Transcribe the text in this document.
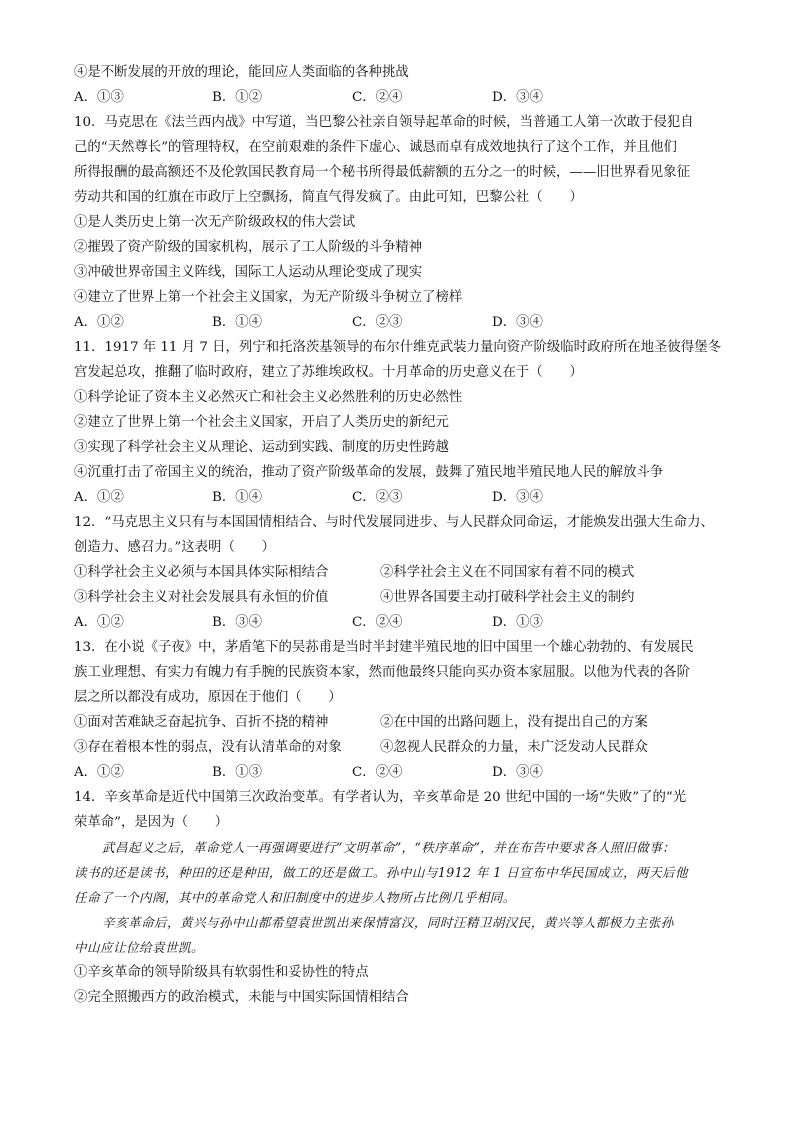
④是不断发展的开放的理论，能回应人类面临的各种挑战
A．①③	B．①②	C．②④	D．③④
10．马克思在《法兰西内战》中写道，当巴黎公社亲自领导起革命的时候，当普通工人第一次敢于侵犯自
己的“天然尊长”的管理特权，在空前艰难的条件下虚心、诚恳而卓有成效地执行了这个工作，并且他们
所得报酬的最高额还不及伦敦国民教育局一个秘书所得最低薪额的五分之一的时候，——旧世界看见象征
劳动共和国的红旗在市政厅上空飘扬，简直气得发疯了。由此可知，巴黎公社（　　）
①是人类历史上第一次无产阶级政权的伟大尝试
②摧毁了资产阶级的国家机构，展示了工人阶级的斗争精神
③冲破世界帝国主义阵线，国际工人运动从理论变成了现实
④建立了世界上第一个社会主义国家，为无产阶级斗争树立了榜样
A．①②	B．①④	C．②③	D．③④
11．1917 年 11 月 7 日，列宁和托洛茨基领导的布尔什维克武装力量向资产阶级临时政府所在地圣彼得堡冬
宫发起总攻，推翻了临时政府，建立了苏维埃政权。十月革命的历史意义在于（　　）
①科学论证了资本主义必然灭亡和社会主义必然胜利的历史必然性
②建立了世界上第一个社会主义国家，开启了人类历史的新纪元
③实现了科学社会主义从理论、运动到实践、制度的历史性跨越
④沉重打击了帝国主义的统治，推动了资产阶级革命的发展，鼓舞了殖民地半殖民地人民的解放斗争
A．①②	B．①④	C．②③	D．③④
12．“马克思主义只有与本国国情相结合、与时代发展同进步、与人民群众同命运，才能焕发出强大生命力、
创造力、感召力。”这表明（　　）
①科学社会主义必须与本国具体实际相结合	②科学社会主义在不同国家有着不同的模式
③科学社会主义对社会发展具有永恒的价值	④世界各国要主动打破科学社会主义的制约
A．①②	B．③④	C．②④	D．①③
13．在小说《子夜》中，茅盾笔下的吴荪甫是当时半封建半殖民地的旧中国里一个雄心勃勃的、有发展民
族工业理想、有实力有魄力有手腕的民族资本家，然而他最终只能向买办资本家屈服。以他为代表的各阶
层之所以都没有成功，原因在于他们（　　）
①面对苦难缺乏奋起抗争、百折不挠的精神	②在中国的出路问题上，没有提出自己的方案
③存在着根本性的弱点，没有认清革命的对象	④忽视人民群众的力量，未广泛发动人民群众
A．①②	B．①③	C．②④	D．③④
14．辛亥革命是近代中国第三次政治变革。有学者认为，辛亥革命是 20 世纪中国的一场“失败”了的“光
荣革命”，是因为（　　）
武昌起义之后，革命党人一再强调要进行“文明革命”，“秩序革命”，并在布告中要求各人照旧做事：
读书的还是读书，种田的还是种田，做工的还是做工。孙中山与1912 年 1 日宣布中华民国成立，两天后他
任命了一个内阁，其中的革命党人和旧制度中的进步人物所占比例几乎相同。
辛亥革命后，黄兴与孙中山都希望袁世凯出来保情富汉，同时汪精卫胡汉民，黄兴等人都极力主张孙
中山应让位给袁世凯。
①辛亥革命的领导阶级具有软弱性和妥协性的特点
②完全照搬西方的政治模式，未能与中国实际国情相结合
